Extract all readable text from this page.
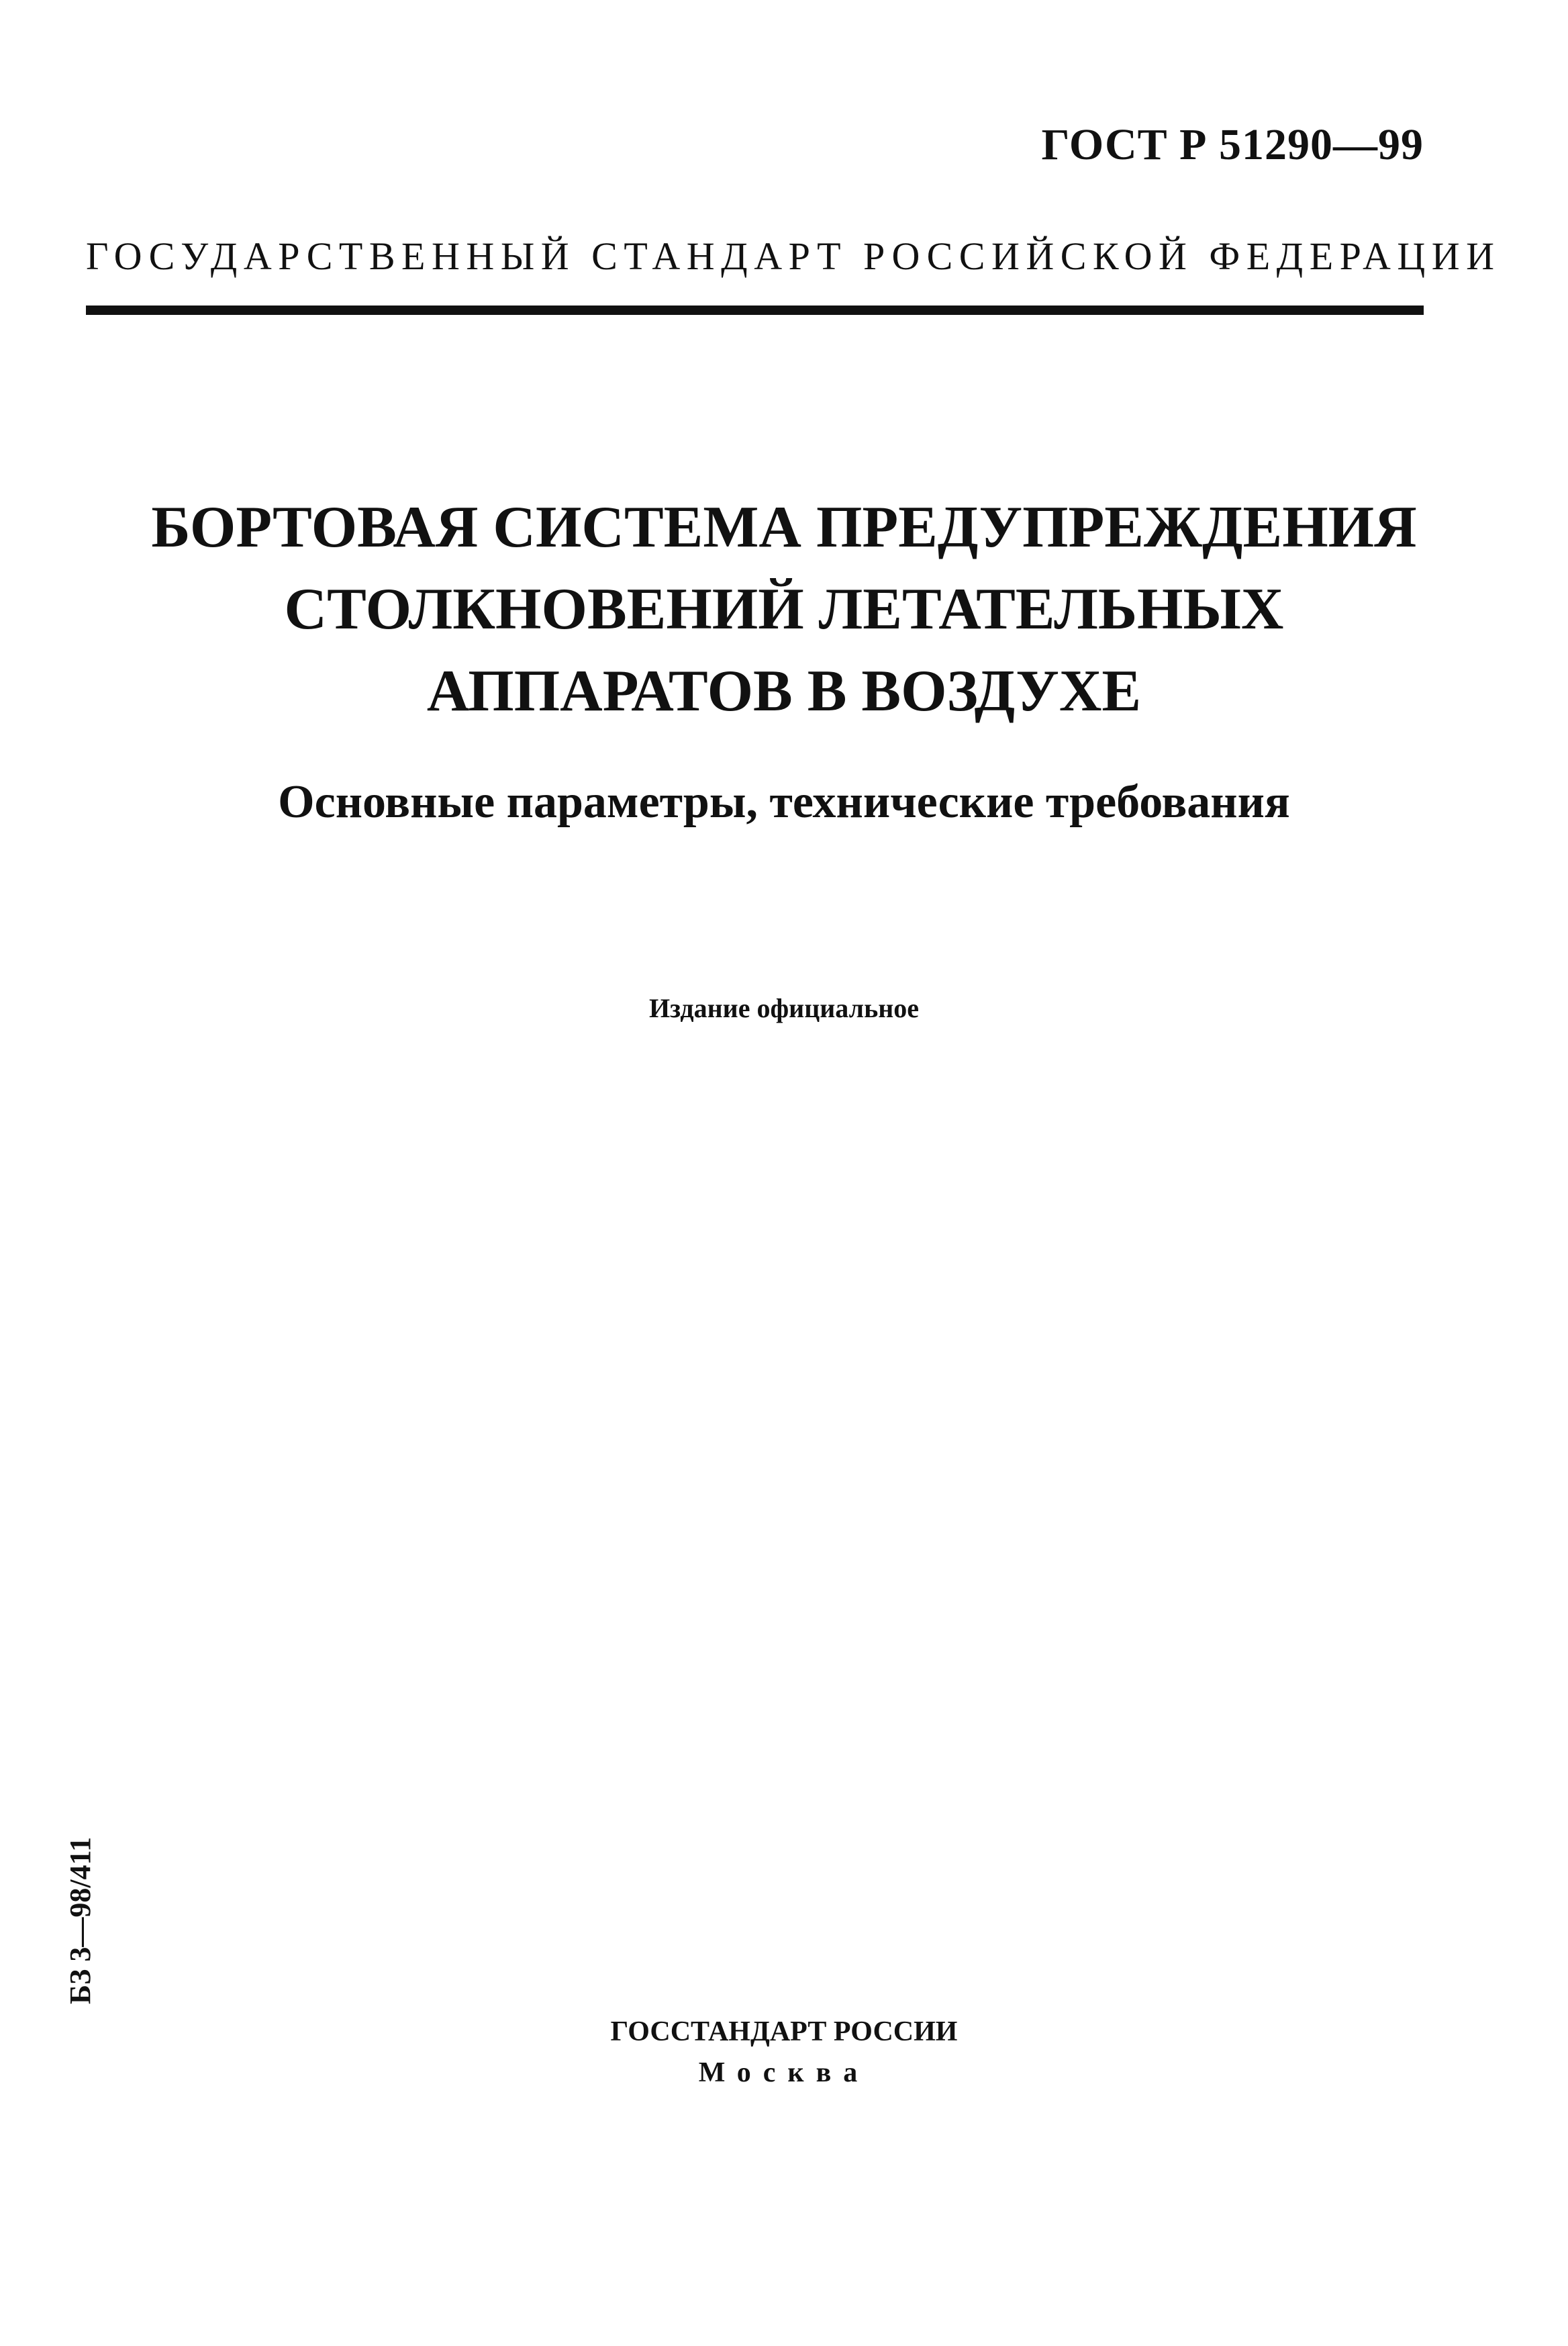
ГОСТ Р 51290—99
ГОСУДАРСТВЕННЫЙ СТАНДАРТ РОССИЙСКОЙ ФЕДЕРАЦИИ
БОРТОВАЯ СИСТЕМА ПРЕДУПРЕЖДЕНИЯ
СТОЛКНОВЕНИЙ ЛЕТАТЕЛЬНЫХ
АППАРАТОВ В ВОЗДУХЕ
Основные параметры, технические требования
Издание официальное
БЗ 3—98/411
ГОССТАНДАРТ РОССИИ
Москва
